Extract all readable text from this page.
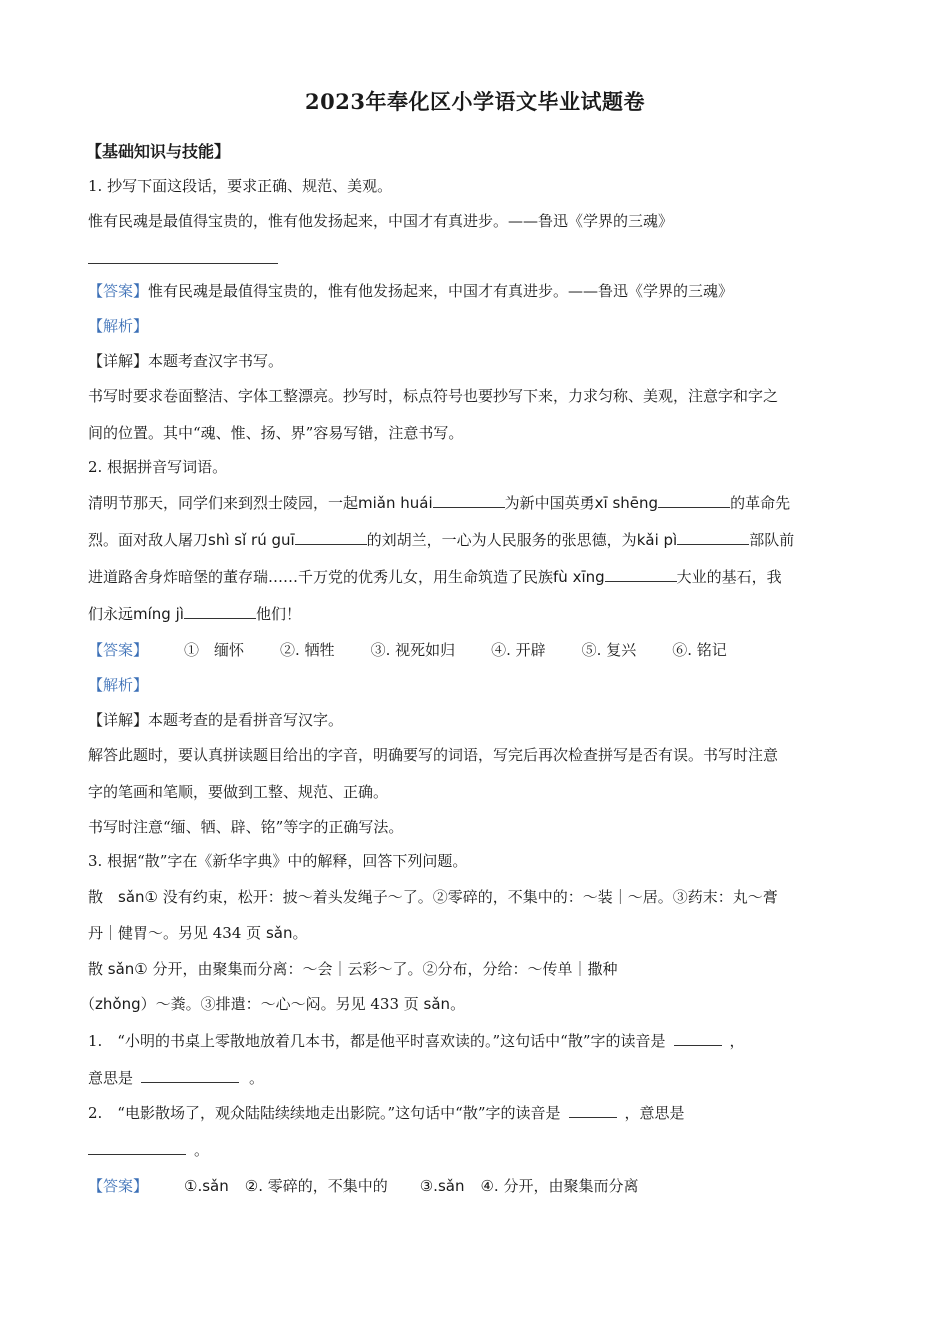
2023年奉化区小学语文毕业试题卷
【基础知识与技能】
1. 抄写下面这段话，要求正确、规范、美观。
惟有民魂是最值得宝贵的，惟有他发扬起来，中国才有真进步。——鲁迅《学界的三魂》
【答案】惟有民魂是最值得宝贵的，惟有他发扬起来，中国才有真进步。——鲁迅《学界的三魂》
【解析】
【详解】本题考查汉字书写。
书写时要求卷面整洁、字体工整漂亮。抄写时，标点符号也要抄写下来，力求匀称、美观，注意字和字之
间的位置。其中“魂、惟、扬、界”容易写错，注意书写。
2. 根据拼音写词语。
清明节那天，同学们来到烈士陵园，一起miǎn huái	为新中国英勇xī shēng	的革命先
烈。面对敌人屠刀shì sǐ rú guī	的刘胡兰，一心为人民服务的张思德，为kǎi pì	部队前
进道路舍身炸暗堡的董存瑞……千万党的优秀儿女，用生命筑造了民族fù xīng	大业的基石，我
们永远míng jì	他们！
【答案】 ①　缅怀 ②. 牺牲 ③. 视死如归 ④. 开辟 ⑤. 复兴 ⑥. 铭记
【解析】
【详解】本题考查的是看拼音写汉字。
解答此题时，要认真拼读题目给出的字音，明确要写的词语，写完后再次检查拼写是否有误。书写时注意
字的笔画和笔顺，要做到工整、规范、正确。
书写时注意“缅、牺、辟、铭”等字的正确写法。
3. 根据“散”字在《新华字典》中的解释，回答下列问题。
散　sǎn① 没有约束，松开：披～着头发绳子～了。②零碎的，不集中的：～装｜～居。③药末：丸～膏
丹｜健胃～。另见 434 页 sǎn。
散 sǎn① 分开，由聚集而分离：～会｜云彩～了。②分布，分给：～传单｜撒种
（zhǒng）～粪。③排遣：～心～闷。另见 433 页 sǎn。
1.　“小明的书桌上零散地放着几本书，都是他平时喜欢读的。”这句话中“散”字的读音是	，
意思是	。
2.　“电影散场了，观众陆陆续续地走出影院。”这句话中“散”字的读音是	，意思是
。
【答案】 ①.sǎn ②. 零碎的，不集中的 ③.sǎn ④. 分开，由聚集而分离
